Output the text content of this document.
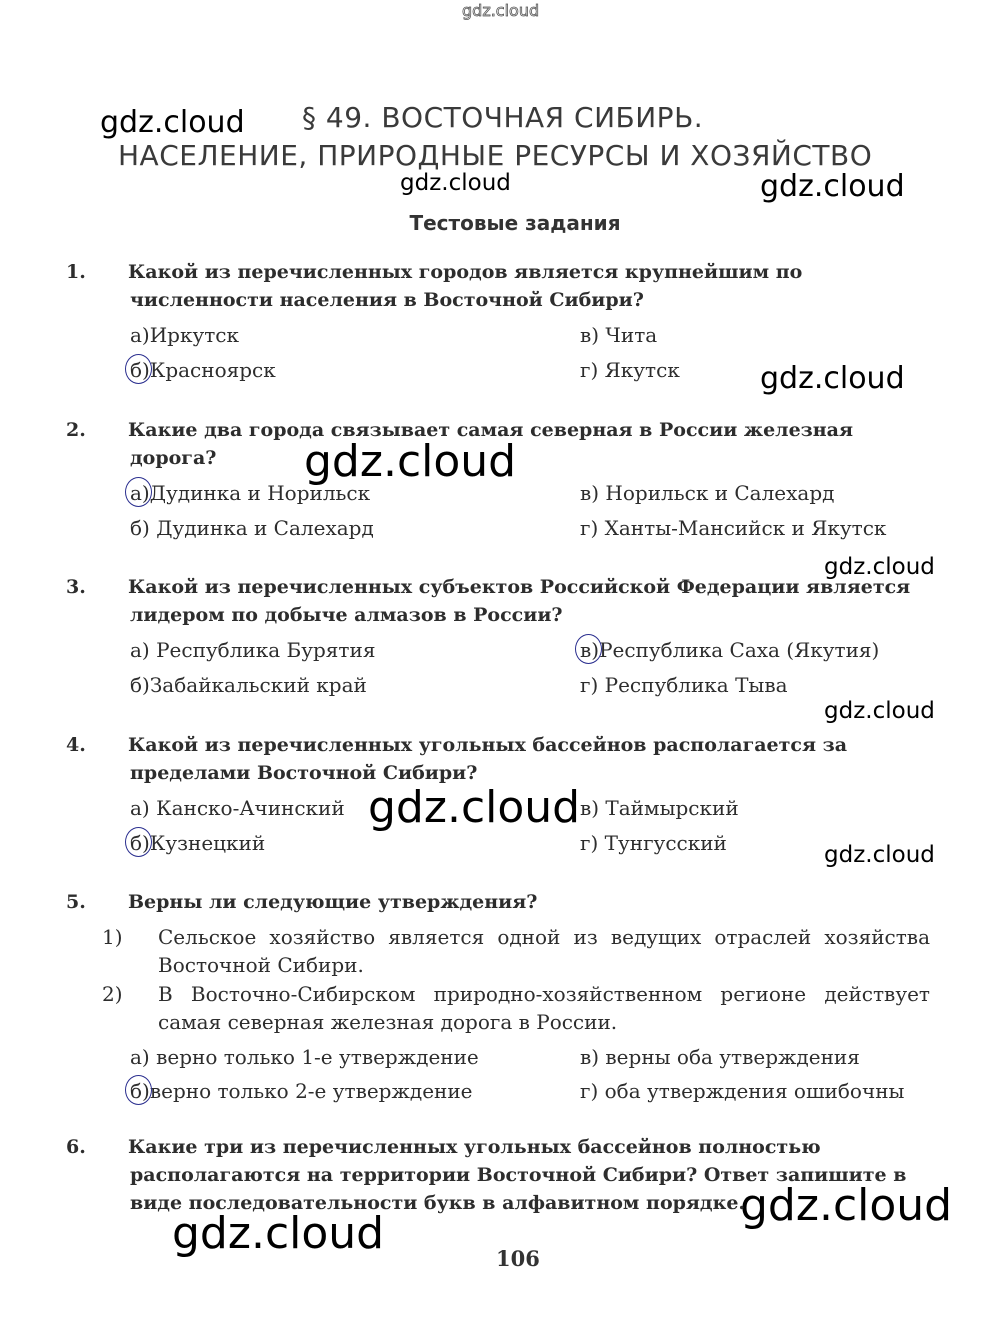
gdz.cloud
gdz.cloud
gdz.cloud	gdz.cloud
gdz.cloud
gdz.cloud
gdz.cloud
gdz.cloud
gdz.cloud
gdz.cloud
gdz.cloud
gdz.cloud
§ 49. ВОСТОЧНАЯ СИБИРЬ.
НАСЕЛЕНИЕ, ПРИРОДНЫЕ РЕСУРСЫ И ХОЗЯЙСТВО
Тестовые задания
1. Какой из перечисленных городов является крупнейшим по численности населения в Восточной Сибири?
а)Иркутск
б)Красноярск
в) Чита
г) Якутск
2. Какие два города связывает самая северная в России железная дорога?
а)Дудинка и Норильск
б) Дудинка и Салехард
в) Норильск и Салехард
г) Ханты-Мансийск и Якутск
3. Какой из перечисленных субъектов Российской Федерации является лидером по добыче алмазов в России?
а) Республика Бурятия
б)Забайкальский край
в)Республика Саха (Якутия)
г) Республика Тыва
4. Какой из перечисленных угольных бассейнов располагается за пределами Восточной Сибири?
а) Канско-Ачинский
б)Кузнецкий
в) Таймырский
г) Тунгусский
5. Верны ли следующие утверждения?
1) Сельское хозяйство является одной из ведущих отраслей хозяйства Восточной Сибири.
2) В Восточно-Сибирском природно-хозяйственном регионе действует самая северная железная дорога в России.
а) верно только 1-е утверждение
б)верно только 2-е утверждение
в) верны оба утверждения
г) оба утверждения ошибочны
6. Какие три из перечисленных угольных бассейнов полностью располагаются на территории Восточной Сибири? Ответ запишите в виде последовательности букв в алфавитном порядке.
106
